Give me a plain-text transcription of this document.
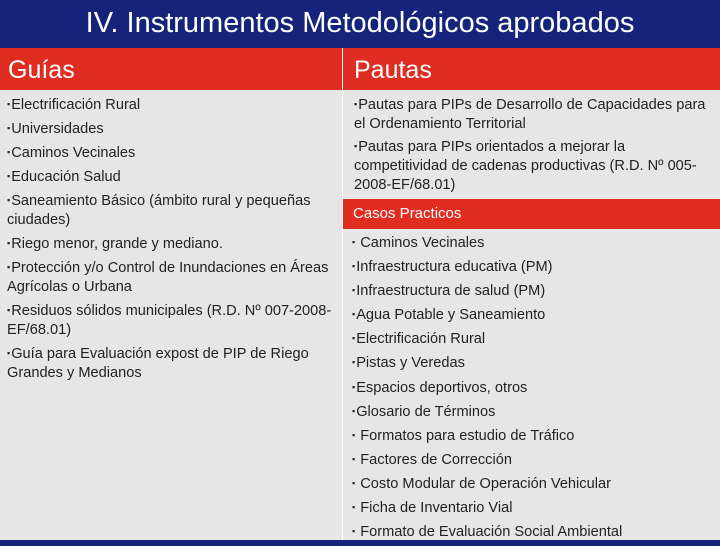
IV. Instrumentos Metodológicos aprobados
Guías	Pautas
▪Electrificación Rural
▪Universidades
▪Caminos Vecinales
▪Educación Salud
▪Saneamiento Básico (ámbito rural y pequeñas ciudades)
▪Riego menor, grande y mediano.
▪Protección y/o Control de Inundaciones en Áreas Agrícolas o Urbana
▪Residuos sólidos municipales (R.D. Nº 007-2008-EF/68.01)
▪Guía para Evaluación expost de PIP de Riego Grandes y Medianos
▪Pautas para PIPs de Desarrollo de Capacidades para el Ordenamiento Territorial
▪Pautas para PIPs orientados a mejorar la competitividad de cadenas productivas (R.D. Nº 005-2008-EF/68.01)
Casos Practicos
▪ Caminos Vecinales
▪Infraestructura educativa (PM)
▪Infraestructura de salud (PM)
▪Agua Potable y Saneamiento
▪Electrificación Rural
▪Pistas y Veredas
▪Espacios deportivos, otros
▪Glosario de Términos
▪ Formatos para estudio de Tráfico
▪ Factores de Corrección
▪ Costo Modular de Operación Vehicular
▪ Ficha de Inventario Vial
▪ Formato de Evaluación Social Ambiental
